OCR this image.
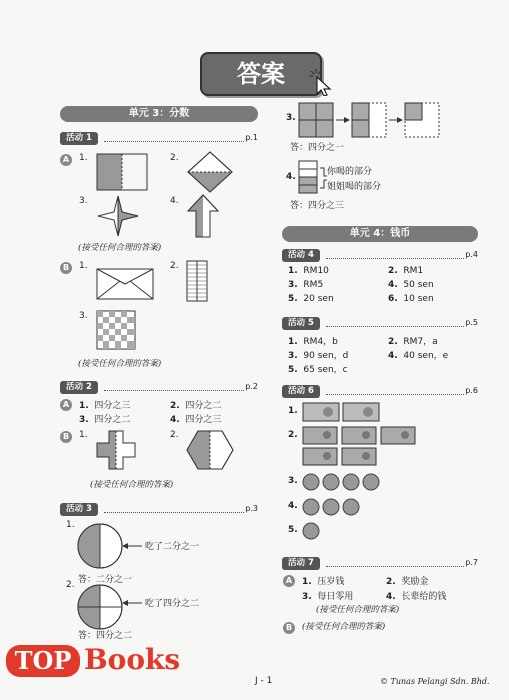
答案
单元 3：分数
活动 1	p.1
A	1.	2.
3.	4.
(接受任何合理的答案)
B	1.	2.
3.
(接受任何合理的答案)
活动 2	p.2
A	1. 四分之三	2. 四分之二
3. 四分之二	4. 四分之三
B	1.	2.
(接受任何合理的答案)
活动 3	p.3
1.
吃了二分之一
答：二分之一
2.
吃了四分之二
答：四分之二
3.
答：四分之一
4.	你喝的部分
姐姐喝的部分
答：四分之三
单元 4：钱币
活动 4	p.4
1. RM10	2. RM1
3. RM5	4. 50 sen
5. 20 sen	6. 10 sen
活动 5	p.5
1. RM4，b	2. RM7，a
3. 90 sen，d	4. 40 sen，e
5. 65 sen，c
活动 6	p.6
1.
2.
3.
4.
5.
活动 7	p.7
A	1. 压岁钱	2. 奖励金
3. 每日零用	4. 长辈给的钱
(接受任何合理的答案)
B	(接受任何合理的答案)
J - 1	© Tunas Pelangi Sdn. Bhd.
TOP Books
